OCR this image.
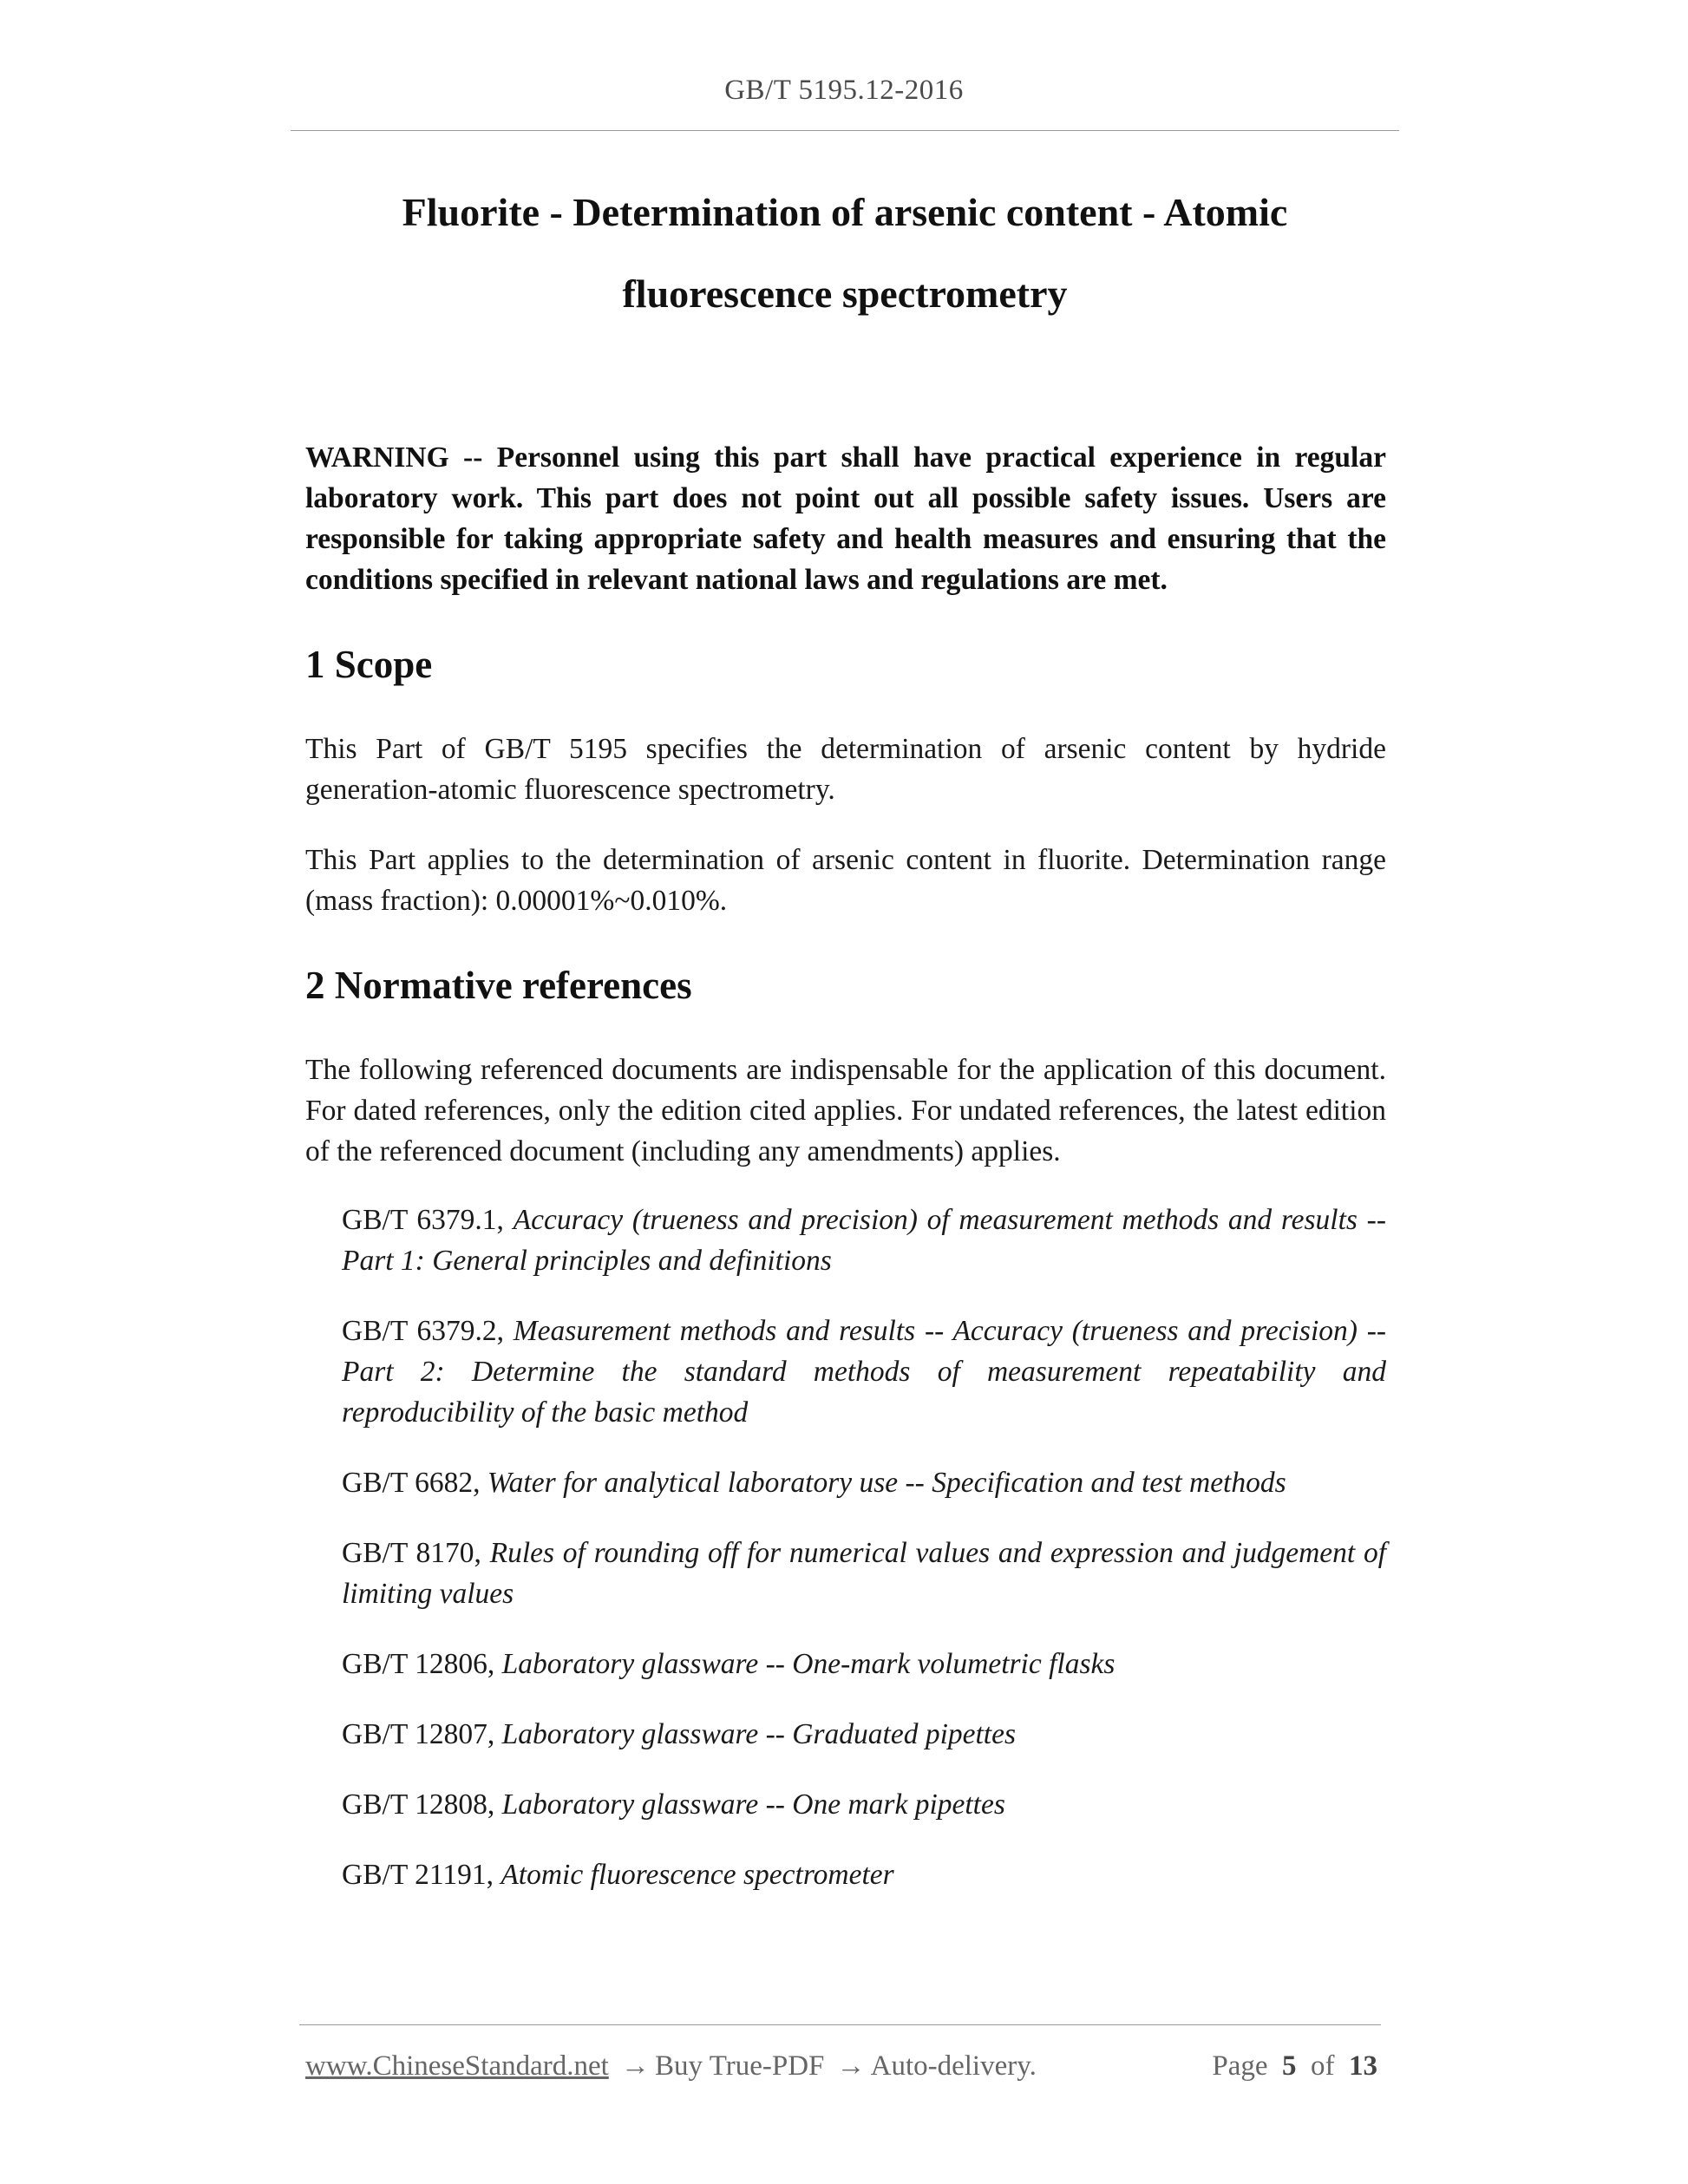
GB/T 5195.12-2016
Fluorite - Determination of arsenic content - Atomic
fluorescence spectrometry

WARNING -- Personnel using this part shall have practical experience in regular laboratory work. This part does not point out all possible safety issues. Users are responsible for taking appropriate safety and health measures and ensuring that the conditions specified in relevant national laws and regulations are met.

1 Scope

This Part of GB/T 5195 specifies the determination of arsenic content by hydride generation-atomic fluorescence spectrometry.

This Part applies to the determination of arsenic content in fluorite. Determination range (mass fraction): 0.00001%~0.010%.

2 Normative references

The following referenced documents are indispensable for the application of this document. For dated references, only the edition cited applies. For undated references, the latest edition of the referenced document (including any amendments) applies.

GB/T 6379.1, Accuracy (trueness and precision) of measurement methods and results -- Part 1: General principles and definitions

GB/T 6379.2, Measurement methods and results -- Accuracy (trueness and precision) -- Part 2: Determine the standard methods of measurement repeatability and reproducibility of the basic method

GB/T 6682, Water for analytical laboratory use -- Specification and test methods

GB/T 8170, Rules of rounding off for numerical values and expression and judgement of limiting values

GB/T 12806, Laboratory glassware -- One-mark volumetric flasks

GB/T 12807, Laboratory glassware -- Graduated pipettes

GB/T 12808, Laboratory glassware -- One mark pipettes

GB/T 21191, Atomic fluorescence spectrometer

www.ChineseStandard.net → Buy True-PDF → Auto-delivery.	Page 5 of 13
